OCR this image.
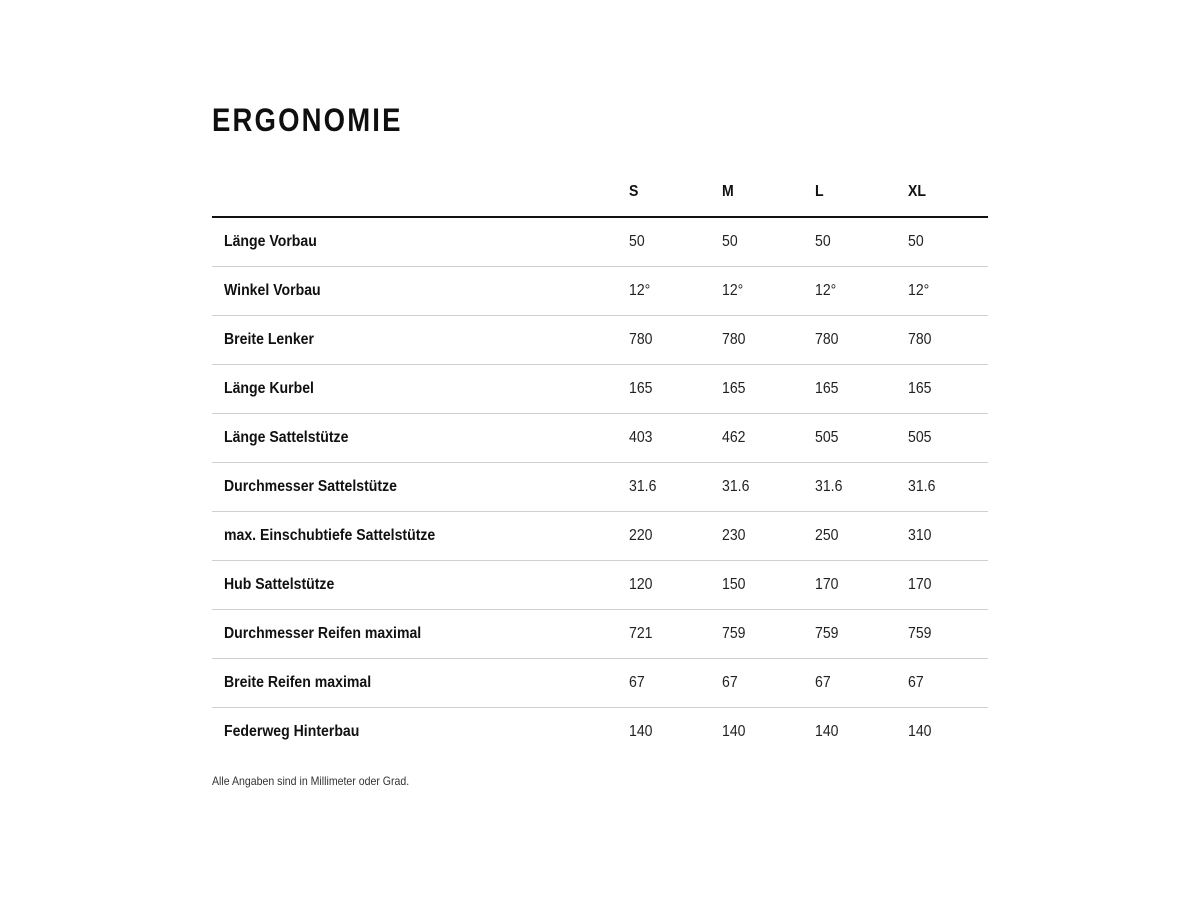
ERGONOMIE
	S	M	L	XL
Länge Vorbau	50	50	50	50
Winkel Vorbau	12°	12°	12°	12°
Breite Lenker	780	780	780	780
Länge Kurbel	165	165	165	165
Länge Sattelstütze	403	462	505	505
Durchmesser Sattelstütze	31.6	31.6	31.6	31.6
max. Einschubtiefe Sattelstütze	220	230	250	310
Hub Sattelstütze	120	150	170	170
Durchmesser Reifen maximal	721	759	759	759
Breite Reifen maximal	67	67	67	67
Federweg Hinterbau	140	140	140	140
Alle Angaben sind in Millimeter oder Grad.
